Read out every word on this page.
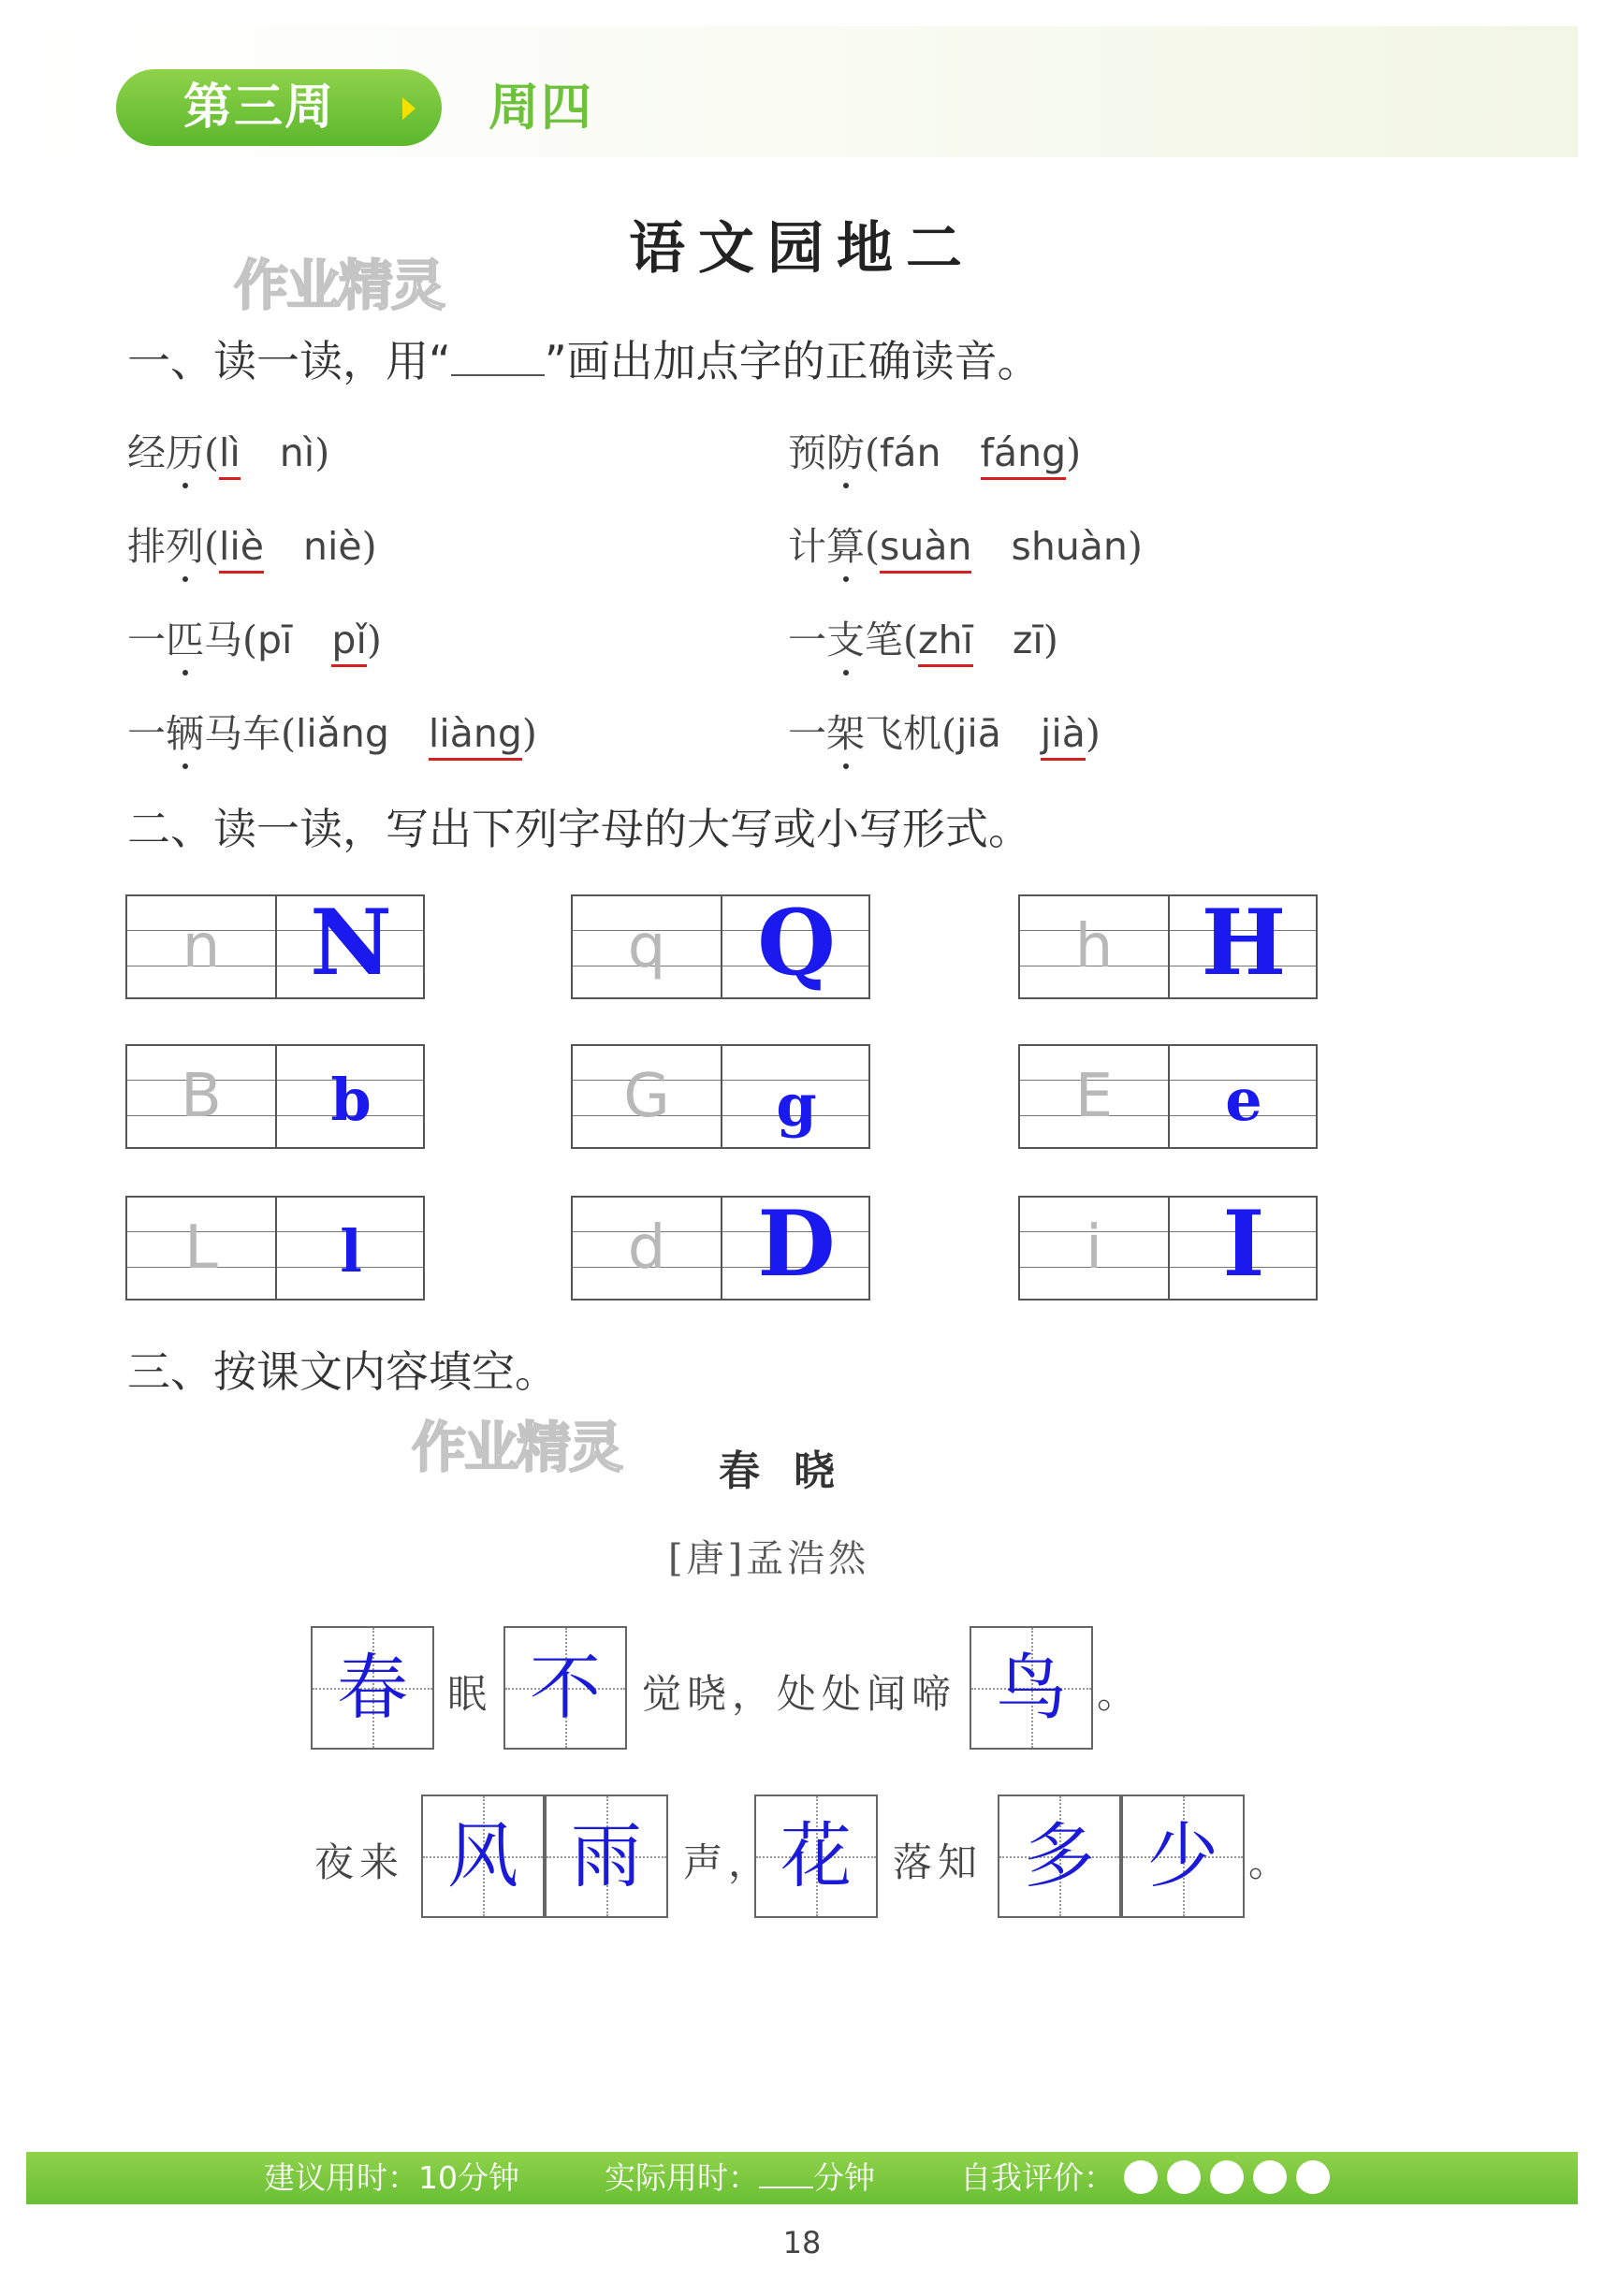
第三周	周四
语文园地二
作业精灵
一、读一读，用“ ”画出加点字的正确读音。
经历(lì nì)	预防(fán fáng)
排列(liè niè)	计算(suàn shuàn)
一匹马(pī pǐ)	一支笔(zhī zī)
一辆马车(liǎng liàng)	一架飞机(jiā jià)
二、读一读，写出下列字母的大写或小写形式。
n N	q	Q	h H
B	b	G	g	E	e
L	l	d	D	i	I
三、按课文内容填空。
作业精灵 春晓
[唐]孟浩然
春	眠 不	觉晓，处处闻啼 鸟 。
夜来 风 雨	声， 花	落知 多 少 。
建议用时：10分钟	实际用时： 分钟	自我评价：
18
